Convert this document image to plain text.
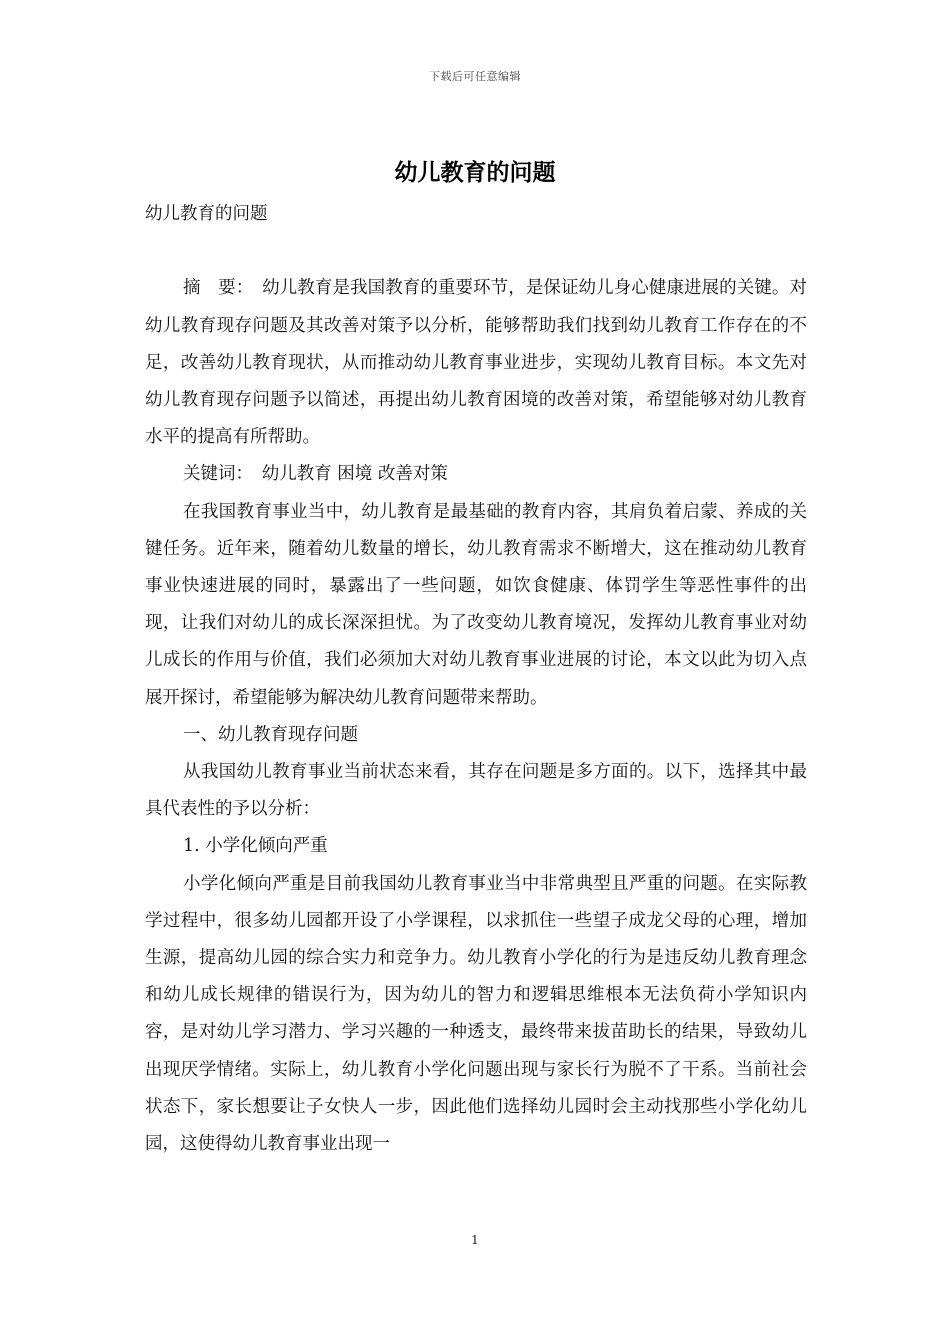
下载后可任意编辑
幼儿教育的问题

幼儿教育的问题

摘　要：　幼儿教育是我国教育的重要环节，是保证幼儿身心健康进展的关键。对幼儿教育现存问题及其改善对策予以分析，能够帮助我们找到幼儿教育工作存在的不足，改善幼儿教育现状，从而推动幼儿教育事业进步，实现幼儿教育目标。本文先对幼儿教育现存问题予以简述，再提出幼儿教育困境的改善对策，希望能够对幼儿教育水平的提高有所帮助。

关键词：　幼儿教育 困境 改善对策

在我国教育事业当中，幼儿教育是最基础的教育内容，其肩负着启蒙、养成的关键任务。近年来，随着幼儿数量的增长，幼儿教育需求不断增大，这在推动幼儿教育事业快速进展的同时，暴露出了一些问题，如饮食健康、体罚学生等恶性事件的出现，让我们对幼儿的成长深深担忧。为了改变幼儿教育境况，发挥幼儿教育事业对幼儿成长的作用与价值，我们必须加大对幼儿教育事业进展的讨论，本文以此为切入点展开探讨，希望能够为解决幼儿教育问题带来帮助。

一、幼儿教育现存问题

从我国幼儿教育事业当前状态来看，其存在问题是多方面的。以下，选择其中最具代表性的予以分析：

1. 小学化倾向严重

小学化倾向严重是目前我国幼儿教育事业当中非常典型且严重的问题。在实际教学过程中，很多幼儿园都开设了小学课程，以求抓住一些望子成龙父母的心理，增加生源，提高幼儿园的综合实力和竞争力。幼儿教育小学化的行为是违反幼儿教育理念和幼儿成长规律的错误行为，因为幼儿的智力和逻辑思维根本无法负荷小学知识内容，是对幼儿学习潜力、学习兴趣的一种透支，最终带来拔苗助长的结果，导致幼儿出现厌学情绪。实际上，幼儿教育小学化问题出现与家长行为脱不了干系。当前社会状态下，家长想要让子女快人一步，因此他们选择幼儿园时会主动找那些小学化幼儿园，这使得幼儿教育事业出现一

1
